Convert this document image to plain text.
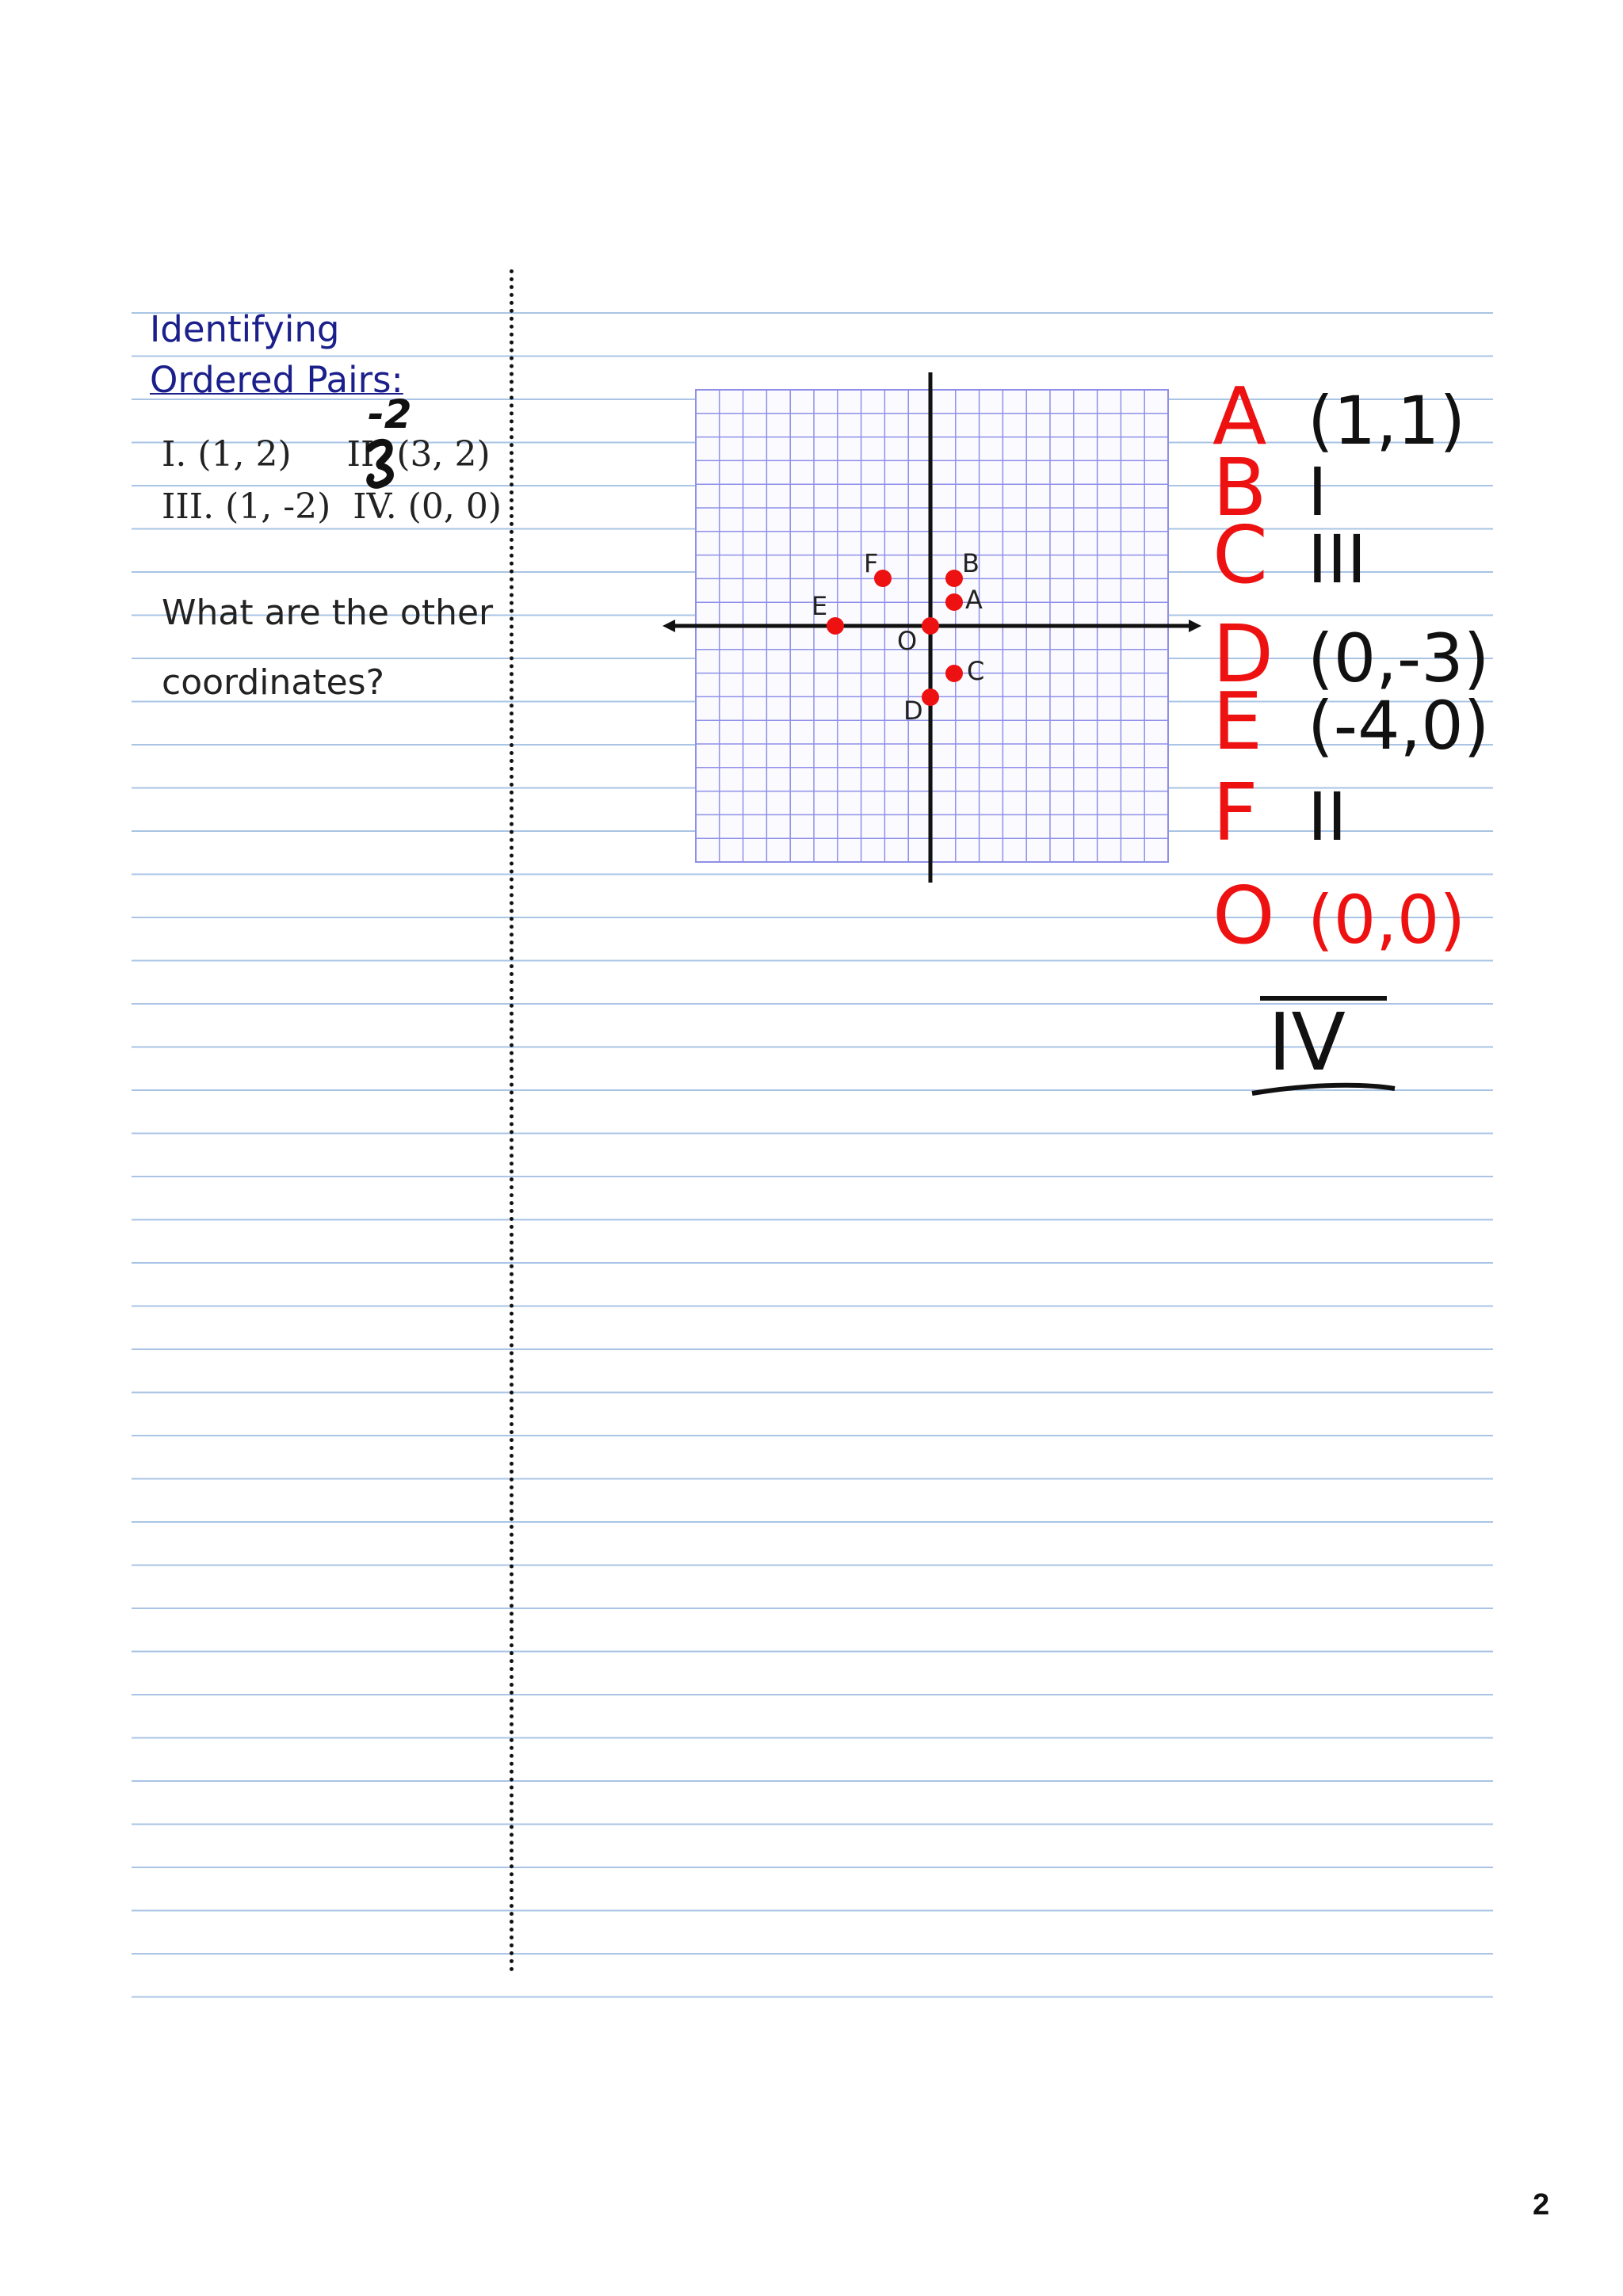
Identifying
Ordered Pairs:
I. (1, 2)     II. (3, 2)
III. (1, -2)  IV. (0, 0)
-2
What are the other
coordinates?
A
B
C
D
E
F
O
A (1,1)
B I
C III
D (0,-3)
E (-4,0)
F II
O (0,0)
IV
2
